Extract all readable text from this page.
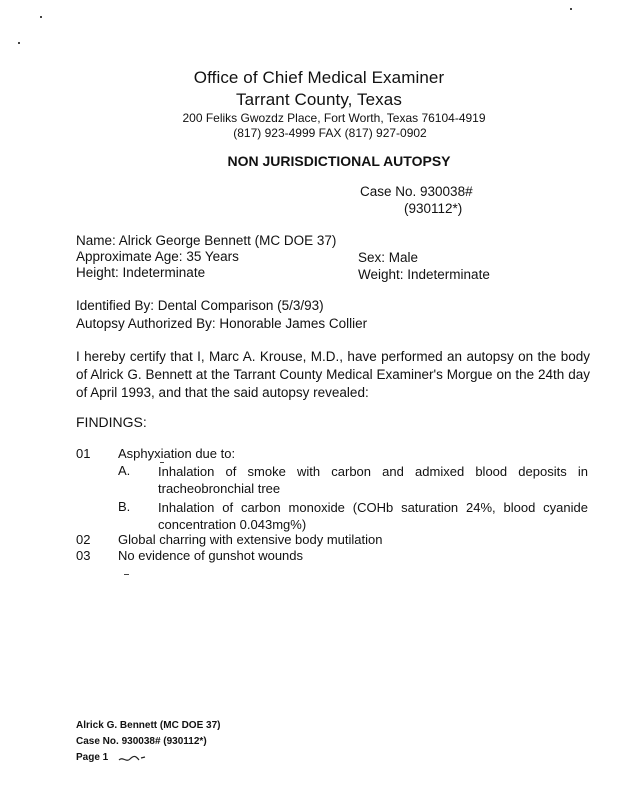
Office of Chief Medical Examiner
Tarrant County, Texas
200 Feliks Gwozdz Place, Fort Worth, Texas 76104-4919
(817) 923-4999 FAX (817) 927-0902
NON JURISDICTIONAL AUTOPSY
Case No. 930038#
(930112*)
Name: Alrick George Bennett (MC DOE 37)
Approximate Age: 35 Years	Sex: Male
Height: Indeterminate	Weight: Indeterminate
Identified By: Dental Comparison (5/3/93)
Autopsy Authorized By: Honorable James Collier
I hereby certify that I, Marc A. Krouse, M.D., have performed an autopsy on the body of Alrick G. Bennett at the Tarrant County Medical Examiner's Morgue on the 24th day of April 1993, and that the said autopsy revealed:
FINDINGS:
01 Asphyxiation due to:
A. Inhalation of smoke with carbon and admixed blood deposits in tracheobronchial tree
B. Inhalation of carbon monoxide (COHb saturation 24%, blood cyanide concentration 0.043mg%)
02 Global charring with extensive body mutilation
03 No evidence of gunshot wounds
Alrick G. Bennett (MC DOE 37)
Case No. 930038# (930112*)
Page 1
